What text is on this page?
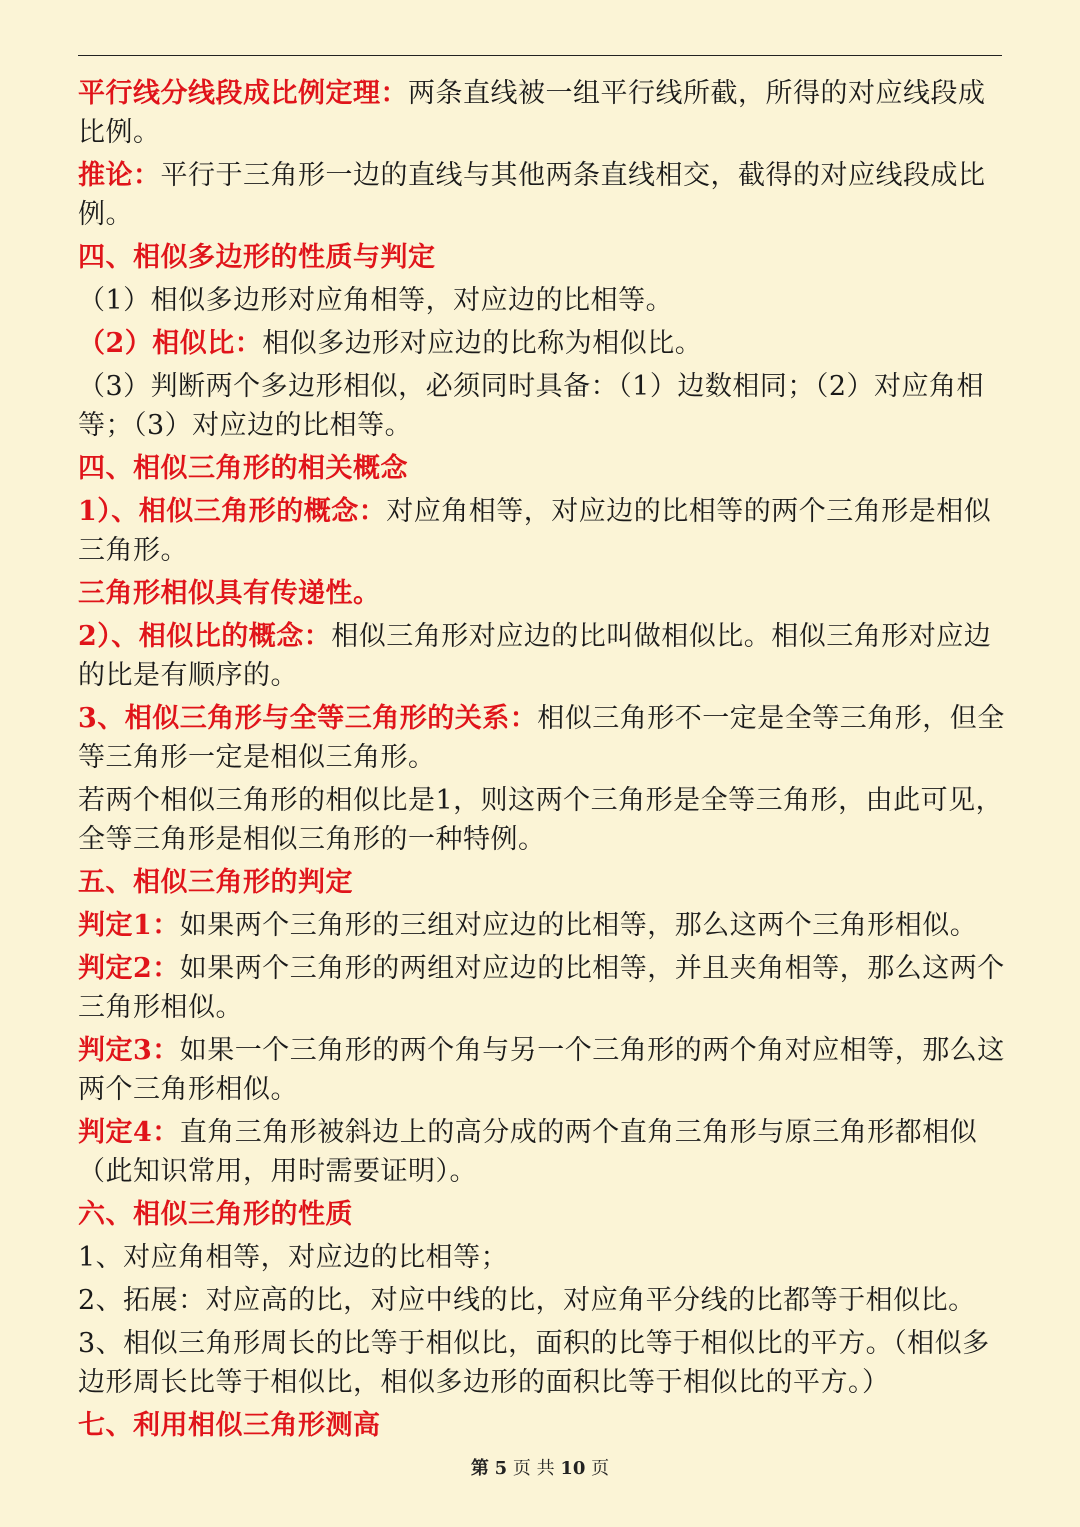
平行线分线段成比例定理：两条直线被一组平行线所截，所得的对应线段成比例。

推论：平行于三角形一边的直线与其他两条直线相交，截得的对应线段成比例。

四、相似多边形的性质与判定

（1）相似多边形对应角相等，对应边的比相等。

（2）相似比：相似多边形对应边的比称为相似比。

（3）判断两个多边形相似，必须同时具备：（1）边数相同；（2）对应角相等；（3）对应边的比相等。

四、相似三角形的相关概念

1）、相似三角形的概念：对应角相等，对应边的比相等的两个三角形是相似三角形。

三角形相似具有传递性。

2）、相似比的概念：相似三角形对应边的比叫做相似比。相似三角形对应边的比是有顺序的。

3、相似三角形与全等三角形的关系：相似三角形不一定是全等三角形，但全等三角形一定是相似三角形。

若两个相似三角形的相似比是1，则这两个三角形是全等三角形，由此可见，全等三角形是相似三角形的一种特例。

五、相似三角形的判定

判定1：如果两个三角形的三组对应边的比相等，那么这两个三角形相似。

判定2：如果两个三角形的两组对应边的比相等，并且夹角相等，那么这两个三角形相似。

判定3：如果一个三角形的两个角与另一个三角形的两个角对应相等，那么这两个三角形相似。

判定4：直角三角形被斜边上的高分成的两个直角三角形与原三角形都相似（此知识常用，用时需要证明）。

六、相似三角形的性质

1、对应角相等，对应边的比相等；

2、拓展：对应高的比，对应中线的比，对应角平分线的比都等于相似比。

3、相似三角形周长的比等于相似比，面积的比等于相似比的平方。（相似多边形周长比等于相似比，相似多边形的面积比等于相似比的平方。）

七、利用相似三角形测高

第 5 页 共 10 页
